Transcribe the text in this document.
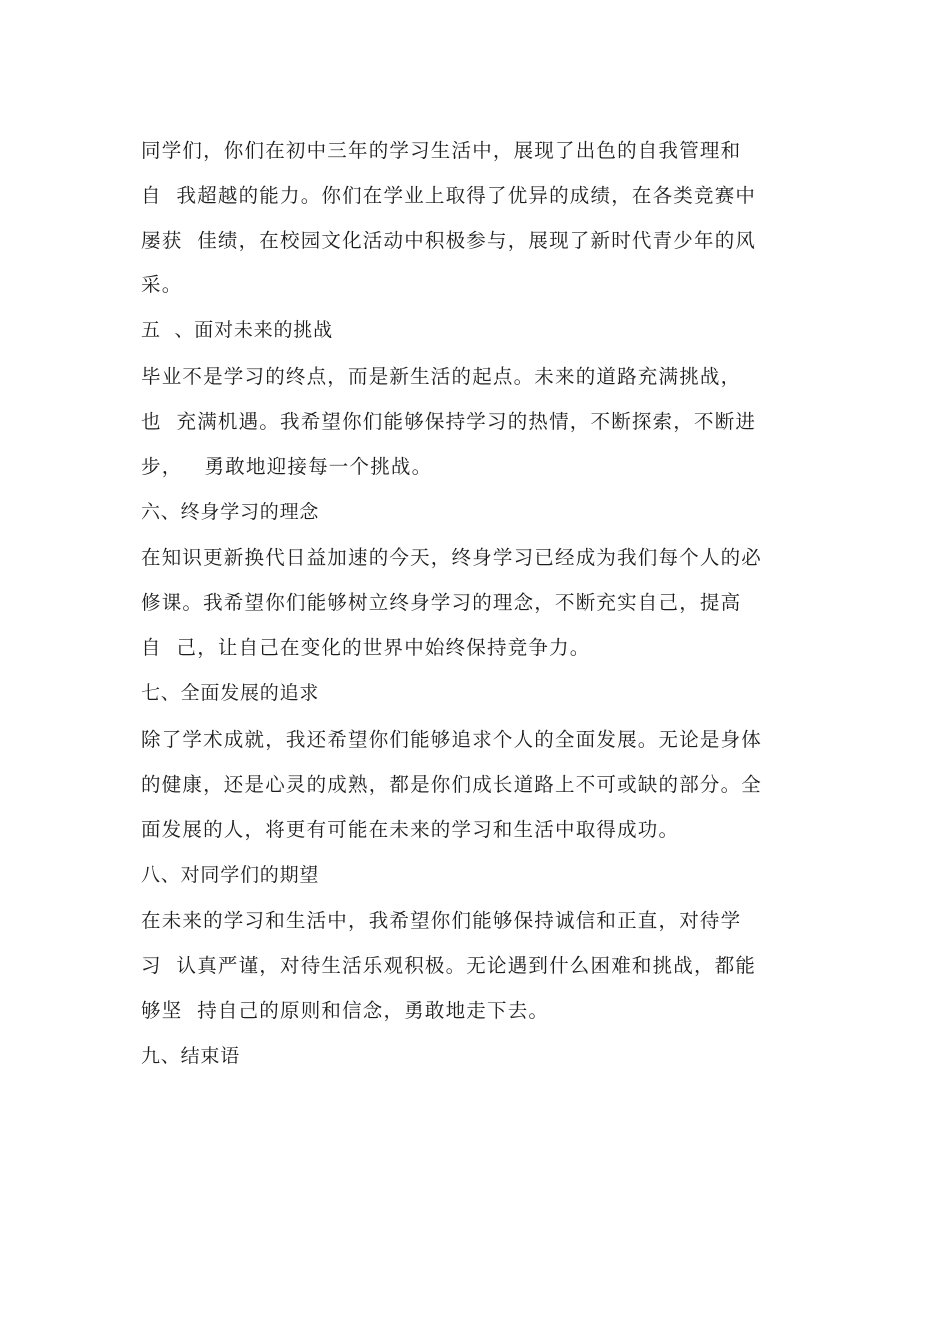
同学们，你们在初中三年的学习生活中，展现了出色的自我管理和
自  我超越的能力。你们在学业上取得了优异的成绩，在各类竞赛中
屡获  佳绩，在校园文化活动中积极参与，展现了新时代青少年的风
采。
五  、面对未来的挑战
毕业不是学习的终点，而是新生活的起点。未来的道路充满挑战，
也  充满机遇。我希望你们能够保持学习的热情，不断探索，不断进
步，   勇敢地迎接每一个挑战。
六、终身学习的理念
在知识更新换代日益加速的今天，终身学习已经成为我们每个人的必
修课。我希望你们能够树立终身学习的理念，不断充实自己，提高
自  己，让自己在变化的世界中始终保持竞争力。
七、全面发展的追求
除了学术成就，我还希望你们能够追求个人的全面发展。无论是身体
的健康，还是心灵的成熟，都是你们成长道路上不可或缺的部分。全
面发展的人，将更有可能在未来的学习和生活中取得成功。
八、对同学们的期望
在未来的学习和生活中，我希望你们能够保持诚信和正直，对待学
习  认真严谨，对待生活乐观积极。无论遇到什么困难和挑战，都能
够坚  持自己的原则和信念，勇敢地走下去。
九、结束语
